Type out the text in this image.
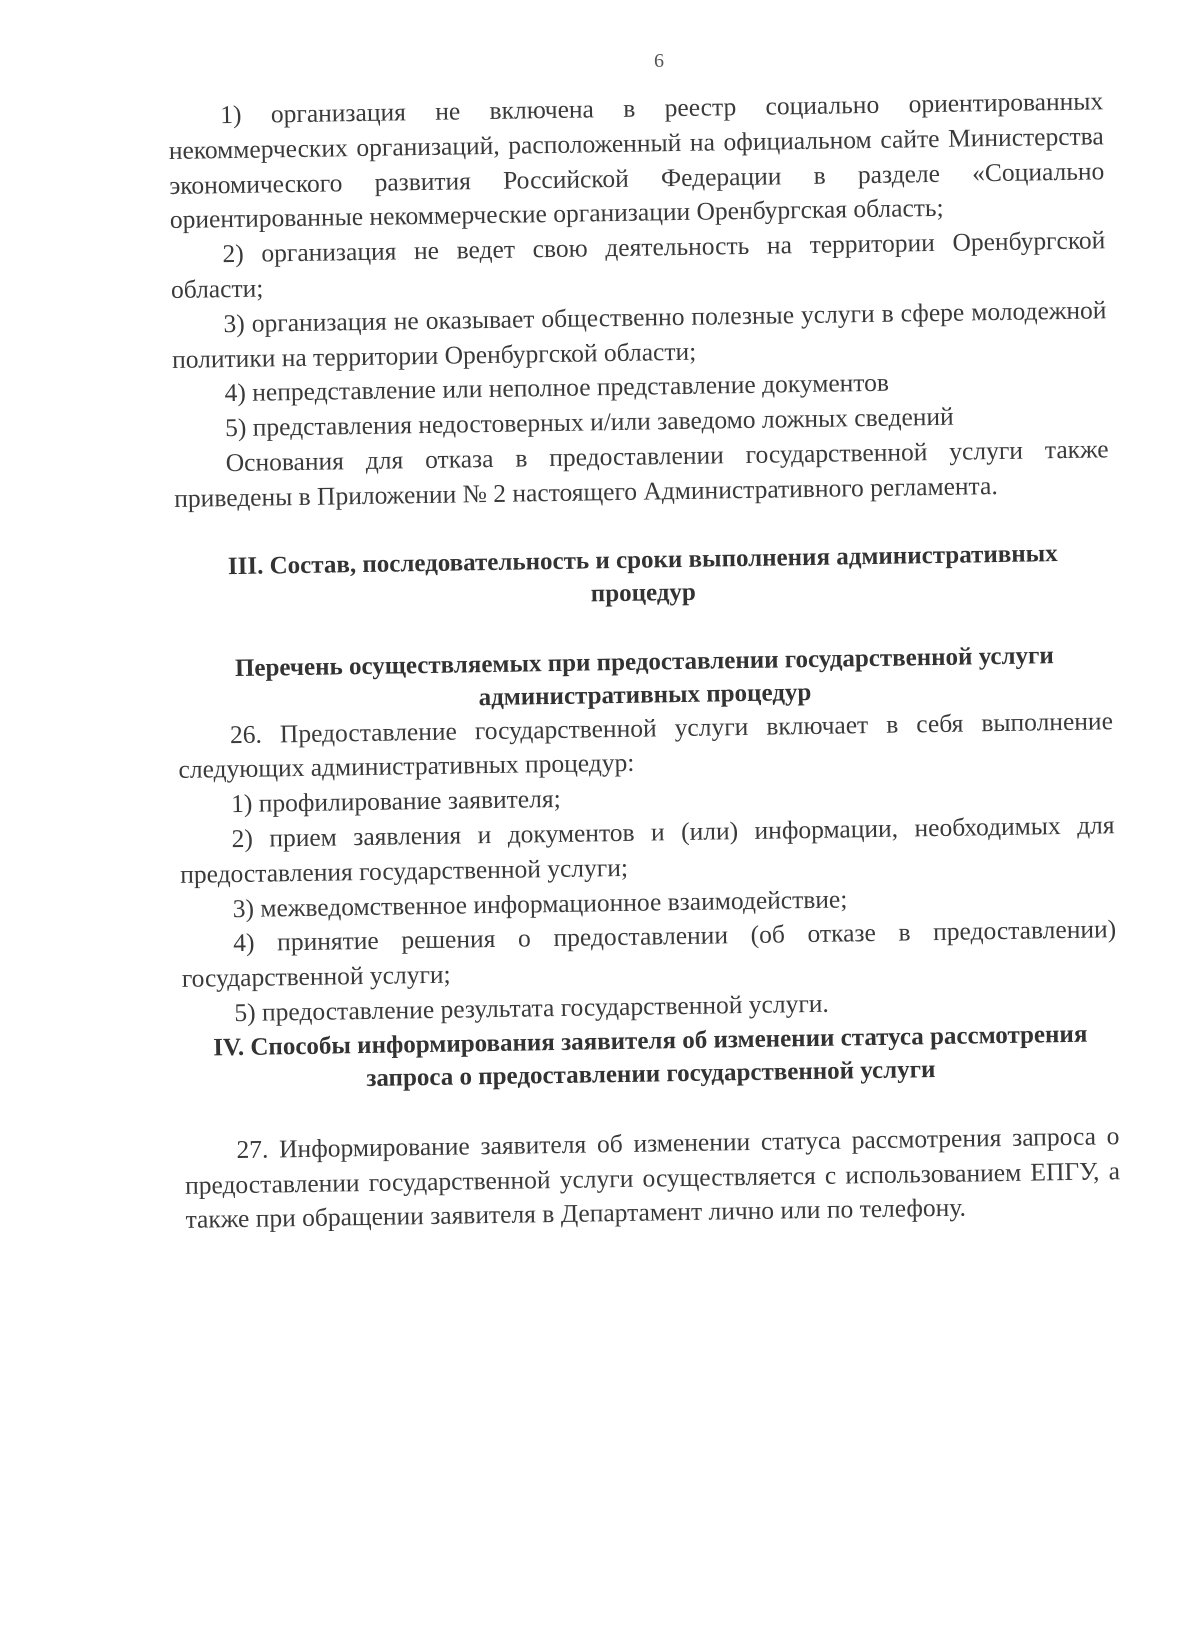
6

1) организация не включена в реестр социально ориентированных некоммерческих организаций, расположенный на официальном сайте Министерства экономического развития Российской Федерации в разделе «Социально ориентированные некоммерческие организации Оренбургская область;

2) организация не ведет свою деятельность на территории Оренбургской области;

3) организация не оказывает общественно полезные услуги в сфере молодежной политики на территории Оренбургской области;

4) непредставление или неполное представление документов

5) представления недостоверных и/или заведомо ложных сведений

Основания для отказа в предоставлении государственной услуги также приведены в Приложении № 2 настоящего Административного регламента.

III. Состав, последовательность и сроки выполнения административных процедур

Перечень осуществляемых при предоставлении государственной услуги административных процедур

26. Предоставление государственной услуги включает в себя выполнение следующих административных процедур:

1) профилирование заявителя;

2) прием заявления и документов и (или) информации, необходимых для предоставления государственной услуги;

3) межведомственное информационное взаимодействие;

4) принятие решения о предоставлении (об отказе в предоставлении) государственной услуги;

5) предоставление результата государственной услуги.

IV. Способы информирования заявителя об изменении статуса рассмотрения запроса о предоставлении государственной услуги

27. Информирование заявителя об изменении статуса рассмотрения запроса о предоставлении государственной услуги осуществляется с использованием ЕПГУ, а также при обращении заявителя в Департамент лично или по телефону.
